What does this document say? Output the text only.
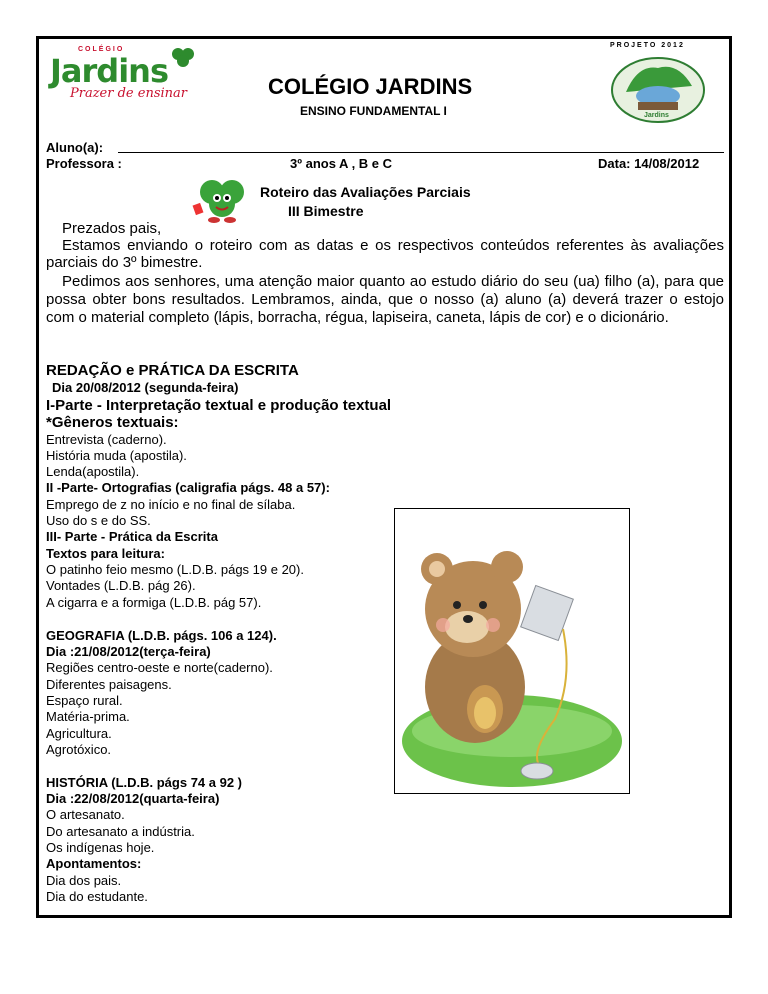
COLÉGIO
Jardins
Prazer de ensinar
PROJETO 2012
Jardins
COLÉGIO JARDINS
ENSINO FUNDAMENTAL I
Aluno(a):
Professora :	3º anos A , B e C	Data: 14/08/2012
Roteiro das Avaliações Parciais
III Bimestre
Prezados pais,
Estamos enviando o roteiro com as datas e os respectivos conteúdos referentes às avaliações parciais do 3º bimestre.
Pedimos aos senhores, uma atenção maior quanto ao estudo diário do seu (ua) filho (a), para que possa obter bons resultados. Lembramos, ainda, que o nosso (a) aluno (a) deverá trazer o estojo com o material completo (lápis, borracha, régua, lapiseira, caneta, lápis de cor) e o dicionário.
REDAÇÃO e PRÁTICA DA ESCRITA
Dia 20/08/2012 (segunda-feira)
I-Parte - Interpretação textual e produção textual
*Gêneros textuais:
Entrevista (caderno).
História muda (apostila).
Lenda(apostila).
II -Parte- Ortografias (caligrafia págs. 48 a 57):
Emprego de z no início e no final de sílaba.
Uso do s e do SS.
III- Parte - Prática da Escrita
Textos para leitura:
O patinho feio mesmo (L.D.B. págs 19 e 20).
Vontades (L.D.B. pág 26).
A cigarra e a formiga (L.D.B. pág 57).
GEOGRAFIA (L.D.B. págs. 106 a 124).
Dia :21/08/2012(terça-feira)
Regiões centro-oeste e norte(caderno).
Diferentes paisagens.
Espaço rural.
Matéria-prima.
Agricultura.
Agrotóxico.
HISTÓRIA (L.D.B. págs 74 a 92 )
Dia :22/08/2012(quarta-feira)
O artesanato.
Do artesanato a indústria.
Os indígenas hoje.
Apontamentos:
Dia dos pais.
Dia do estudante.
